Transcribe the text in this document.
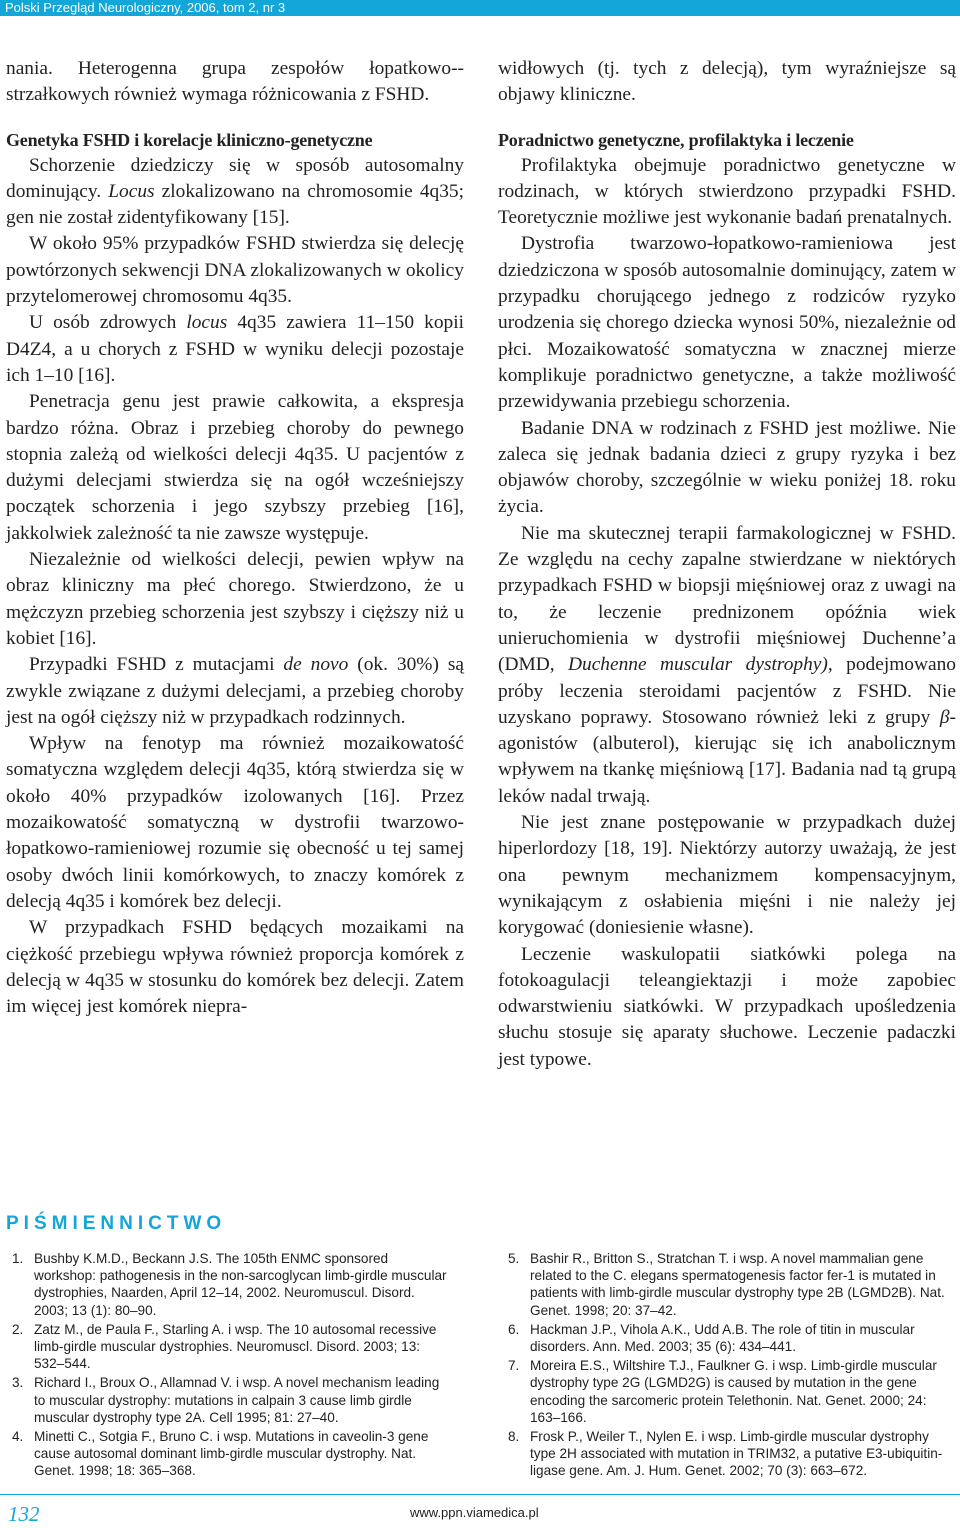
Polski Przegląd Neurologiczny, 2006, tom 2, nr 3

nania. Heterogenna grupa zespołów łopatkowo--strzałkowych również wymaga różnicowania z FSHD.

Genetyka FSHD i korelacje kliniczno-genetyczne

Schorzenie dziedziczy się w sposób autosomalny dominujący. Locus zlokalizowano na chromosomie 4q35; gen nie został zidentyfikowany [15].

W około 95% przypadków FSHD stwierdza się delecję powtórzonych sekwencji DNA zlokalizowanych w okolicy przytelomerowej chromosomu 4q35.

U osób zdrowych locus 4q35 zawiera 11–150 kopii D4Z4, a u chorych z FSHD w wyniku delecji pozostaje ich 1–10 [16].

Penetracja genu jest prawie całkowita, a ekspresja bardzo różna. Obraz i przebieg choroby do pewnego stopnia zależą od wielkości delecji 4q35. U pacjentów z dużymi delecjami stwierdza się na ogół wcześniejszy początek schorzenia i jego szybszy przebieg [16], jakkolwiek zależność ta nie zawsze występuje.

Niezależnie od wielkości delecji, pewien wpływ na obraz kliniczny ma płeć chorego. Stwierdzono, że u mężczyzn przebieg schorzenia jest szybszy i cięższy niż u kobiet [16].

Przypadki FSHD z mutacjami de novo (ok. 30%) są zwykle związane z dużymi delecjami, a przebieg choroby jest na ogół cięższy niż w przypadkach rodzinnych.

Wpływ na fenotyp ma również mozaikowatość somatyczna względem delecji 4q35, którą stwierdza się w około 40% przypadków izolowanych [16]. Przez mozaikowatość somatyczną w dystrofii twarzowo-łopatkowo-ramieniowej rozumie się obecność u tej samej osoby dwóch linii komórkowych, to znaczy komórek z delecją 4q35 i komórek bez delecji.

W przypadkach FSHD będących mozaikami na ciężkość przebiegu wpływa również proporcja komórek z delecją w 4q35 w stosunku do komórek bez delecji. Zatem im więcej jest komórek niepra-

widłowych (tj. tych z delecją), tym wyraźniejsze są objawy kliniczne.

Poradnictwo genetyczne, profilaktyka i leczenie

Profilaktyka obejmuje poradnictwo genetyczne w rodzinach, w których stwierdzono przypadki FSHD. Teoretycznie możliwe jest wykonanie badań prenatalnych.

Dystrofia twarzowo-łopatkowo-ramieniowa jest dziedziczona w sposób autosomalnie dominujący, zatem w przypadku chorującego jednego z rodziców ryzyko urodzenia się chorego dziecka wynosi 50%, niezależnie od płci. Mozaikowatość somatyczna w znacznej mierze komplikuje poradnictwo genetyczne, a także możliwość przewidywania przebiegu schorzenia.

Badanie DNA w rodzinach z FSHD jest możliwe. Nie zaleca się jednak badania dzieci z grupy ryzyka i bez objawów choroby, szczególnie w wieku poniżej 18. roku życia.

Nie ma skutecznej terapii farmakologicznej w FSHD. Ze względu na cechy zapalne stwierdzane w niektórych przypadkach FSHD w biopsji mięśniowej oraz z uwagi na to, że leczenie prednizonem opóźnia wiek unieruchomienia w dystrofii mięśniowej Duchenne’a (DMD, Duchenne muscular dystrophy), podejmowano próby leczenia steroidami pacjentów z FSHD. Nie uzyskano poprawy. Stosowano również leki z grupy β-agonistów (albuterol), kierując się ich anabolicznym wpływem na tkankę mięśniową [17]. Badania nad tą grupą leków nadal trwają.

Nie jest znane postępowanie w przypadkach dużej hiperlordozy [18, 19]. Niektórzy autorzy uważają, że jest ona pewnym mechanizmem kompensacyjnym, wynikającym z osłabienia mięśni i nie należy jej korygować (doniesienie własne).

Leczenie waskulopatii siatkówki polega na fotokoagulacji teleangiektazji i może zapobiec odwarstwieniu siatkówki. W przypadkach upośledzenia słuchu stosuje się aparaty słuchowe. Leczenie padaczki jest typowe.

PIŚMIENNICTWO
1. Bushby K.M.D., Beckann J.S. The 105th ENMC sponsored workshop: pathogenesis in the non-sarcoglycan limb-girdle muscular dystrophies, Naarden, April 12–14, 2002. Neuromuscul. Disord. 2003; 13 (1): 80–90.
2. Zatz M., de Paula F., Starling A. i wsp. The 10 autosomal recessive limb-girdle muscular dystrophies. Neuromuscl. Disord. 2003; 13: 532–544.
3. Richard I., Broux O., Allamnad V. i wsp. A novel mechanism leading to muscular dystrophy: mutations in calpain 3 cause limb girdle muscular dystrophy type 2A. Cell 1995; 81: 27–40.
4. Minetti C., Sotgia F., Bruno C. i wsp. Mutations in caveolin-3 gene cause autosomal dominant limb-girdle muscular dystrophy. Nat. Genet. 1998; 18: 365–368.
5. Bashir R., Britton S., Stratchan T. i wsp. A novel mammalian gene related to the C. elegans spermatogenesis factor fer-1 is mutated in patients with limb-girdle muscular dystrophy type 2B (LGMD2B). Nat. Genet. 1998; 20: 37–42.
6. Hackman J.P., Vihola A.K., Udd A.B. The role of titin in muscular disorders. Ann. Med. 2003; 35 (6): 434–441.
7. Moreira E.S., Wiltshire T.J., Faulkner G. i wsp. Limb-girdle muscular dystrophy type 2G (LGMD2G) is caused by mutation in the gene encoding the sarcomeric protein Telethonin. Nat. Genet. 2000; 24: 163–166.
8. Frosk P., Weiler T., Nylen E. i wsp. Limb-girdle muscular dystrophy type 2H associated with mutation in TRIM32, a putative E3-ubiquitin-ligase gene. Am. J. Hum. Genet. 2002; 70 (3): 663–672.
132	www.ppn.viamedica.pl
